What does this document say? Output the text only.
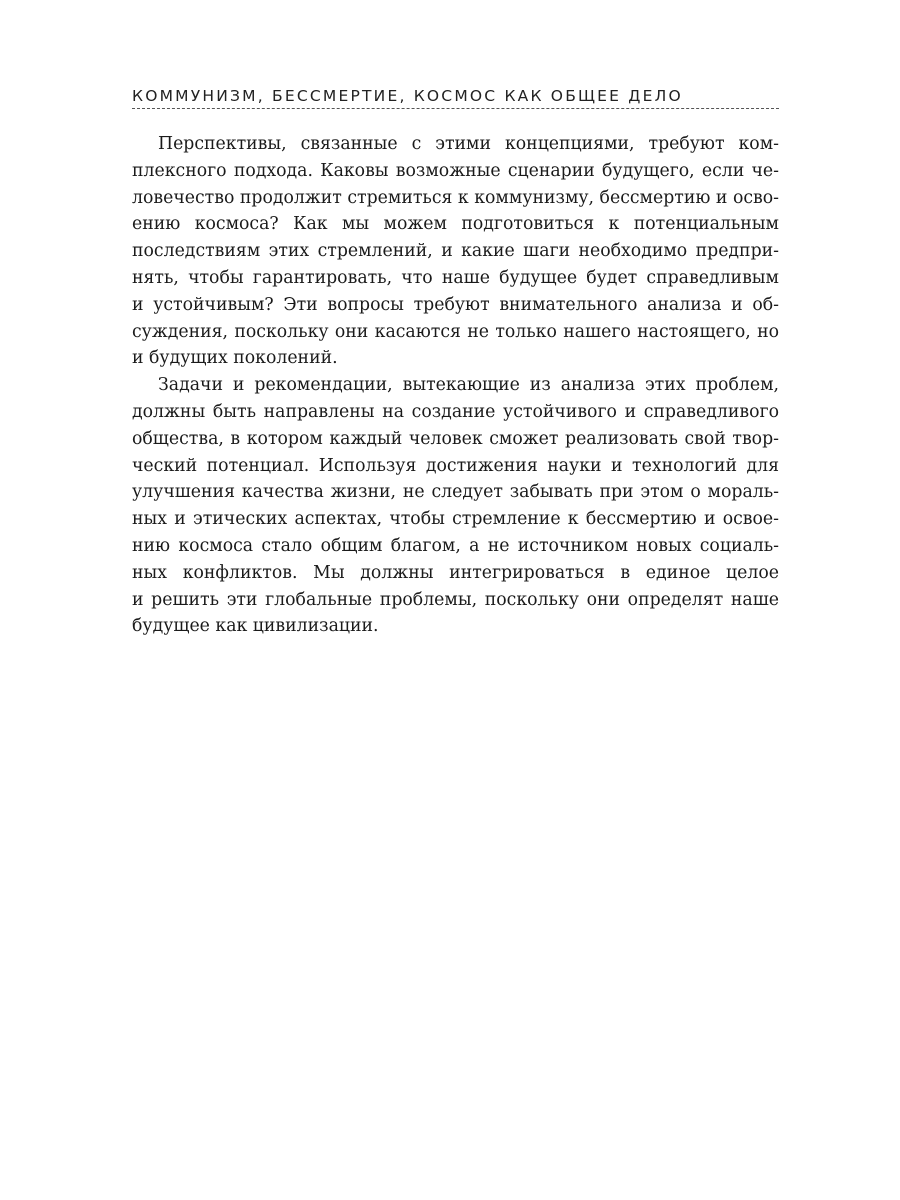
КОММУНИЗМ, БЕССМЕРТИЕ, КОСМОС КАК ОБЩЕЕ ДЕЛО
Перспективы, связанные с этими концепциями, требуют ком-
плексного подхода. Каковы возможные сценарии будущего, если че-
ловечество продолжит стремиться к коммунизму, бессмертию и осво-
ению космоса? Как мы можем подготовиться к потенциальным
последствиям этих стремлений, и какие шаги необходимо предпри-
нять, чтобы гарантировать, что наше будущее будет справедливым
и устойчивым? Эти вопросы требуют внимательного анализа и об-
суждения, поскольку они касаются не только нашего настоящего, но
и будущих поколений.
Задачи и рекомендации, вытекающие из анализа этих проблем,
должны быть направлены на создание устойчивого и справедливого
общества, в котором каждый человек сможет реализовать свой твор-
ческий потенциал. Используя достижения науки и технологий для
улучшения качества жизни, не следует забывать при этом о мораль-
ных и этических аспектах, чтобы стремление к бессмертию и освое-
нию космоса стало общим благом, а не источником новых социаль-
ных конфликтов. Мы должны интегрироваться в единое целое
и решить эти глобальные проблемы, поскольку они определят наше
будущее как цивилизации.
